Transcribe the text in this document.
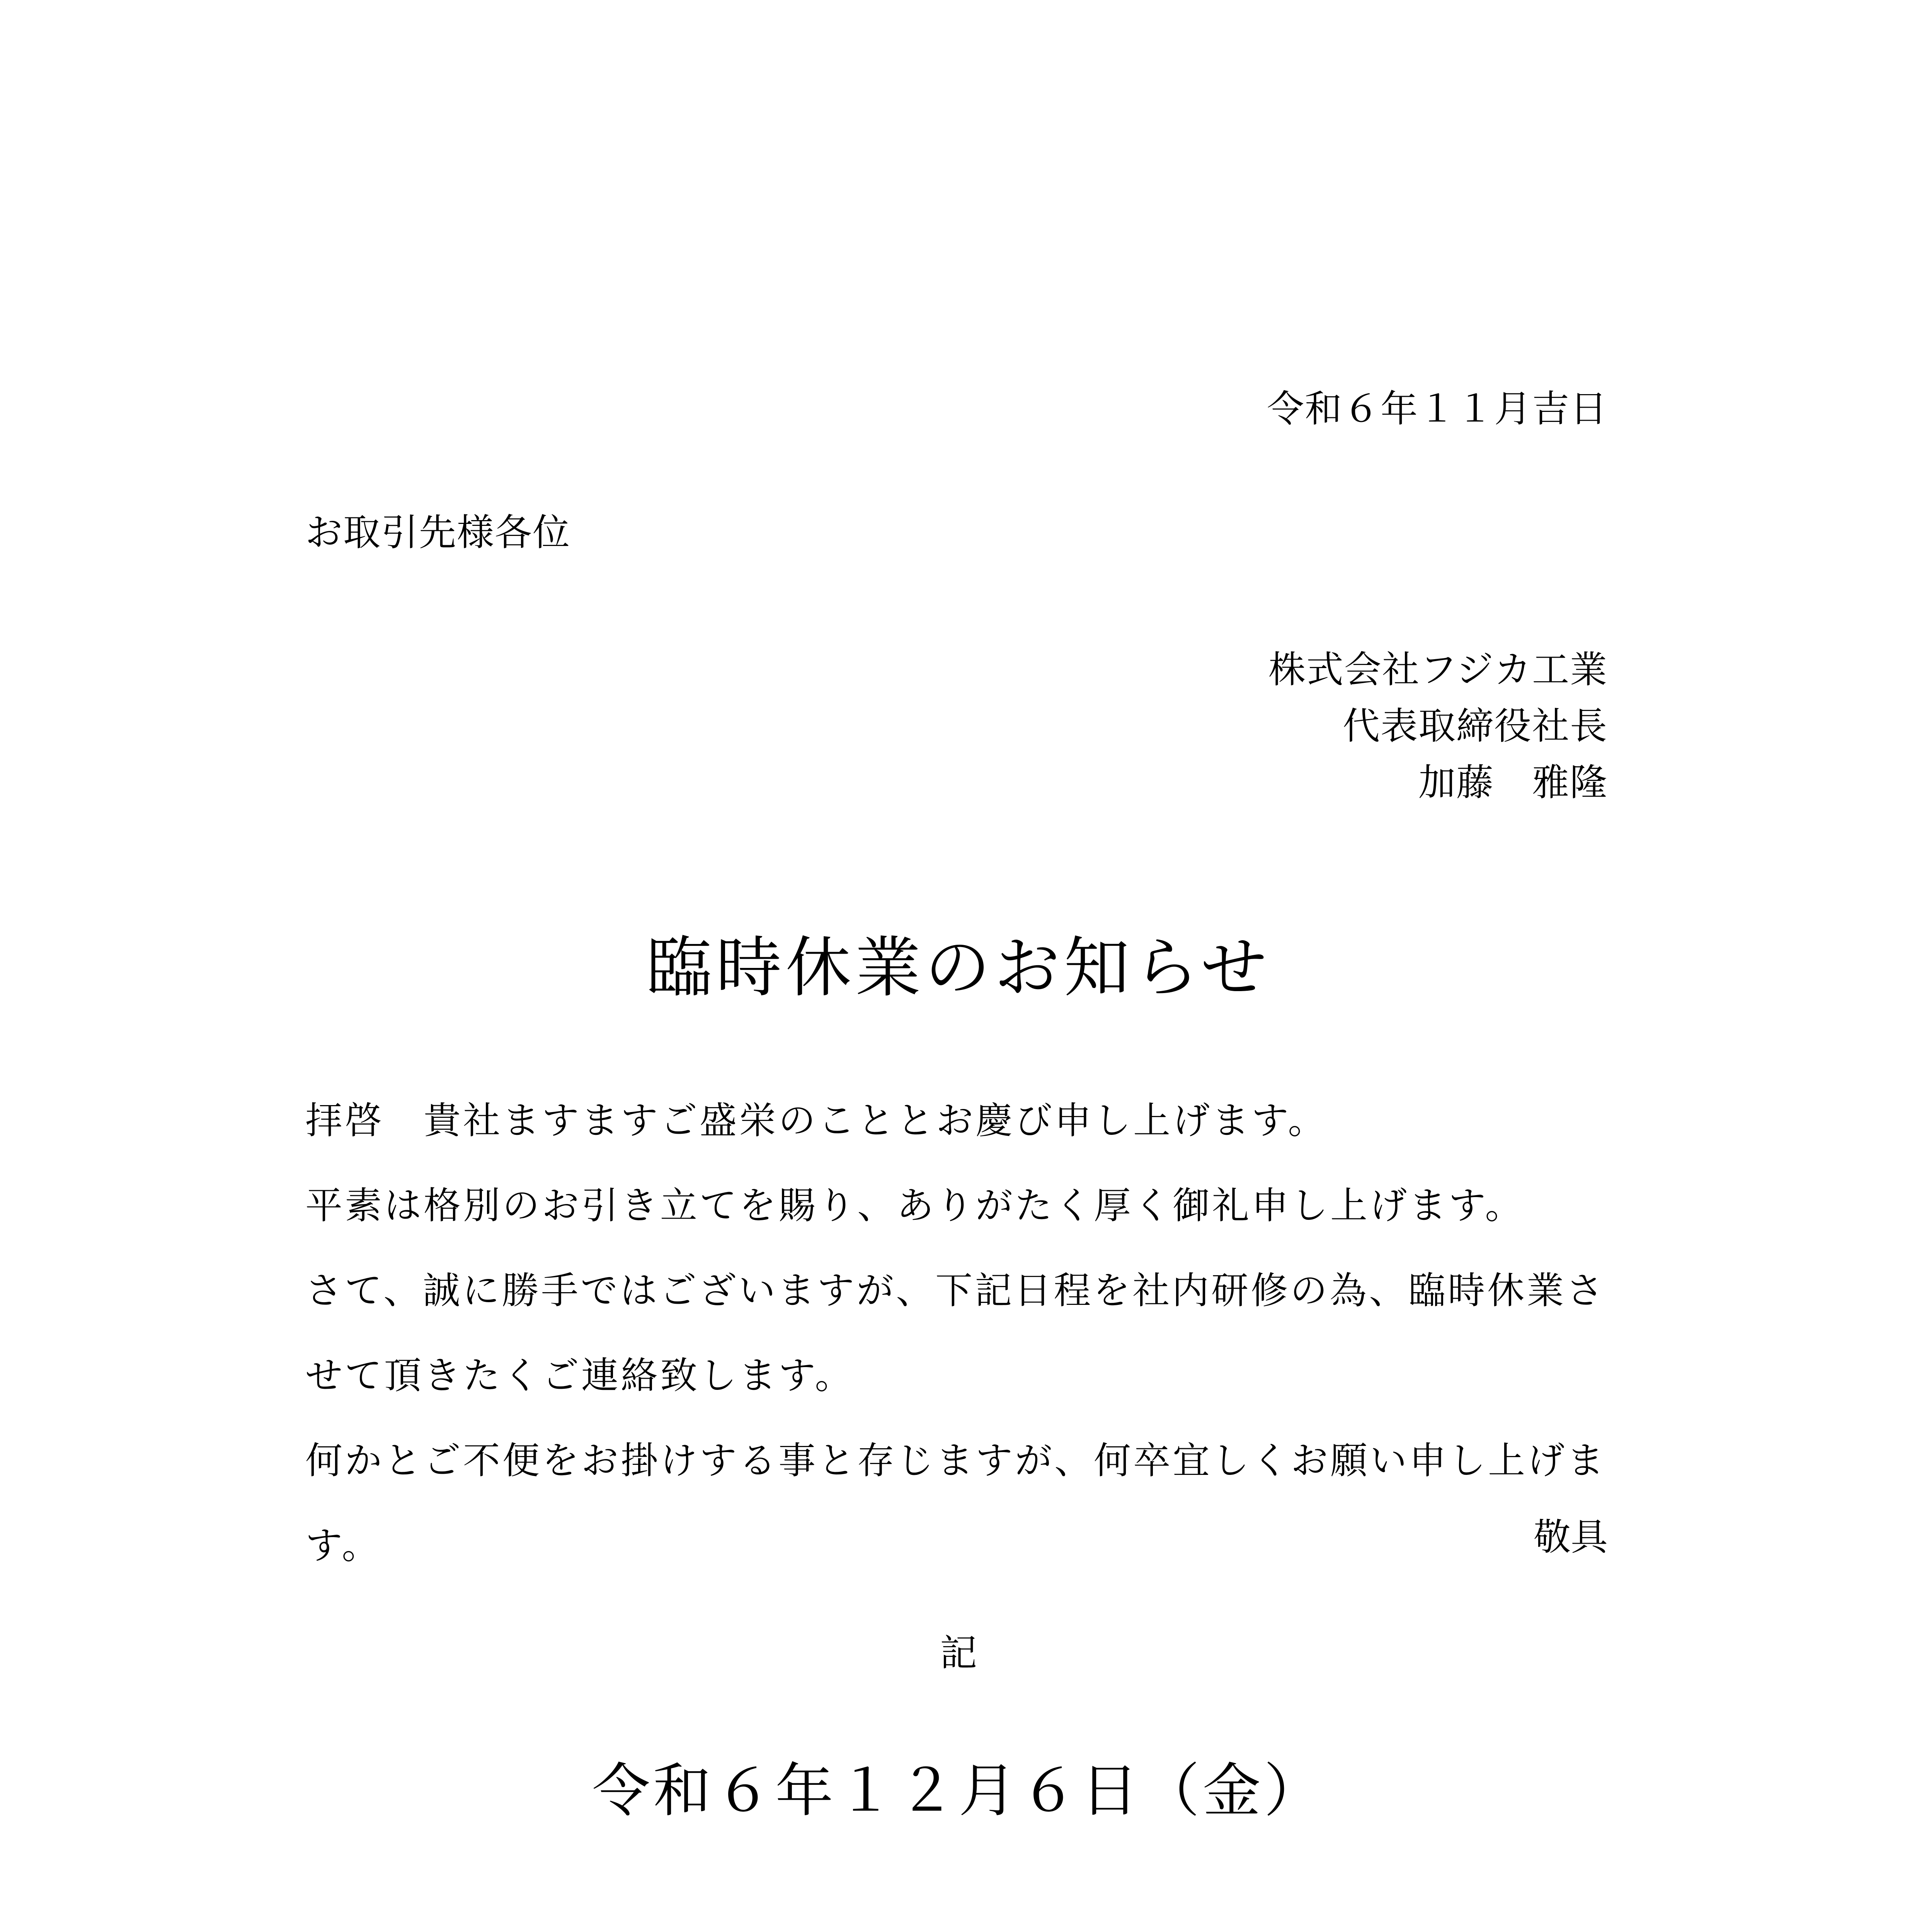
令和６年１１月吉日
お取引先様各位
株式会社フジカ工業
代表取締役社長
加藤　雅隆
臨時休業のお知らせ
拝啓　貴社ますますご盛栄のこととお慶び申し上げます。
平素は格別のお引き立てを賜り、ありがたく厚く御礼申し上げます。
さて、誠に勝手ではございますが、下記日程を社内研修の為、臨時休業さ
せて頂きたくご連絡致します。
何かとご不便をお掛けする事と存じますが、何卒宜しくお願い申し上げま
す。	敬具
記
令和６年１２月６日（金）
